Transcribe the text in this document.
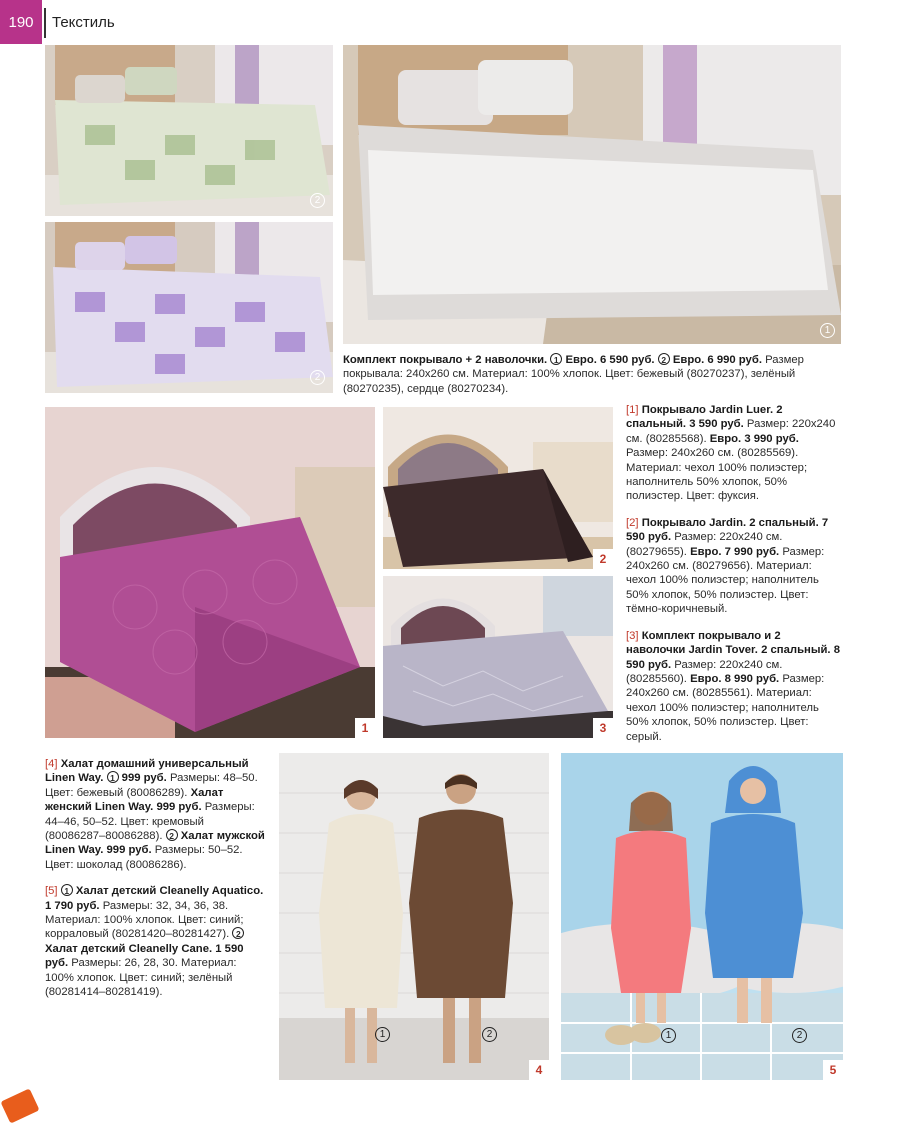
190	Текстиль
2
2
1
Комплект покрывало + 2 наволочки. 1 Евро. 6 590 руб. 2 Евро. 6 990 руб. Размер покрывала: 240x260 см. Материал: 100% хлопок. Цвет: бежевый (80270237), зелёный (80270235), сердце (80270234).
1
2
3
[1] Покрывало Jardin Luer. 2 спальный. 3 590 руб. Размер: 220x240 см. (80285568). Евро. 3 990 руб. Размер: 240x260 см. (80285569). Материал: чехол 100% полиэстер; наполнитель 50% хлопок, 50% полиэстер. Цвет: фуксия.
[2] Покрывало Jardin. 2 спальный. 7 590 руб. Размер: 220x240 см. (80279655). Евро. 7 990 руб. Размер: 240x260 см. (80279656). Материал: чехол 100% полиэстер; наполнитель 50% хлопок, 50% полиэстер. Цвет: тёмно-коричневый.
[3] Комплект покрывало и 2 наволочки Jardin Tover. 2 спальный. 8 590 руб. Размер: 220x240 см. (80285560). Евро. 8 990 руб. Размер: 240x260 см. (80285561). Материал: чехол 100% полиэстер; наполнитель 50% хлопок, 50% полиэстер. Цвет: серый.
[4] Халат домашний универсальный Linen Way. 1 999 руб. Размеры: 48–50. Цвет: бежевый (80086289). Халат женский Linen Way. 999 руб. Размеры: 44–46, 50–52. Цвет: кремовый (80086287–80086288). 2 Халат мужской Linen Way. 999 руб. Размеры: 50–52. Цвет: шоколад (80086286).
[5] 1 Халат детский Cleanelly Aquatico. 1 790 руб. Размеры: 32, 34, 36, 38. Материал: 100% хлопок. Цвет: синий; корраловый (80281420–80281427). 2 Халат детский Cleanelly Cane. 1 590 руб. Размеры: 26, 28, 30. Материал: 100% хлопок. Цвет: синий; зелёный (80281414–80281419).
1	2
4
1	2
5
